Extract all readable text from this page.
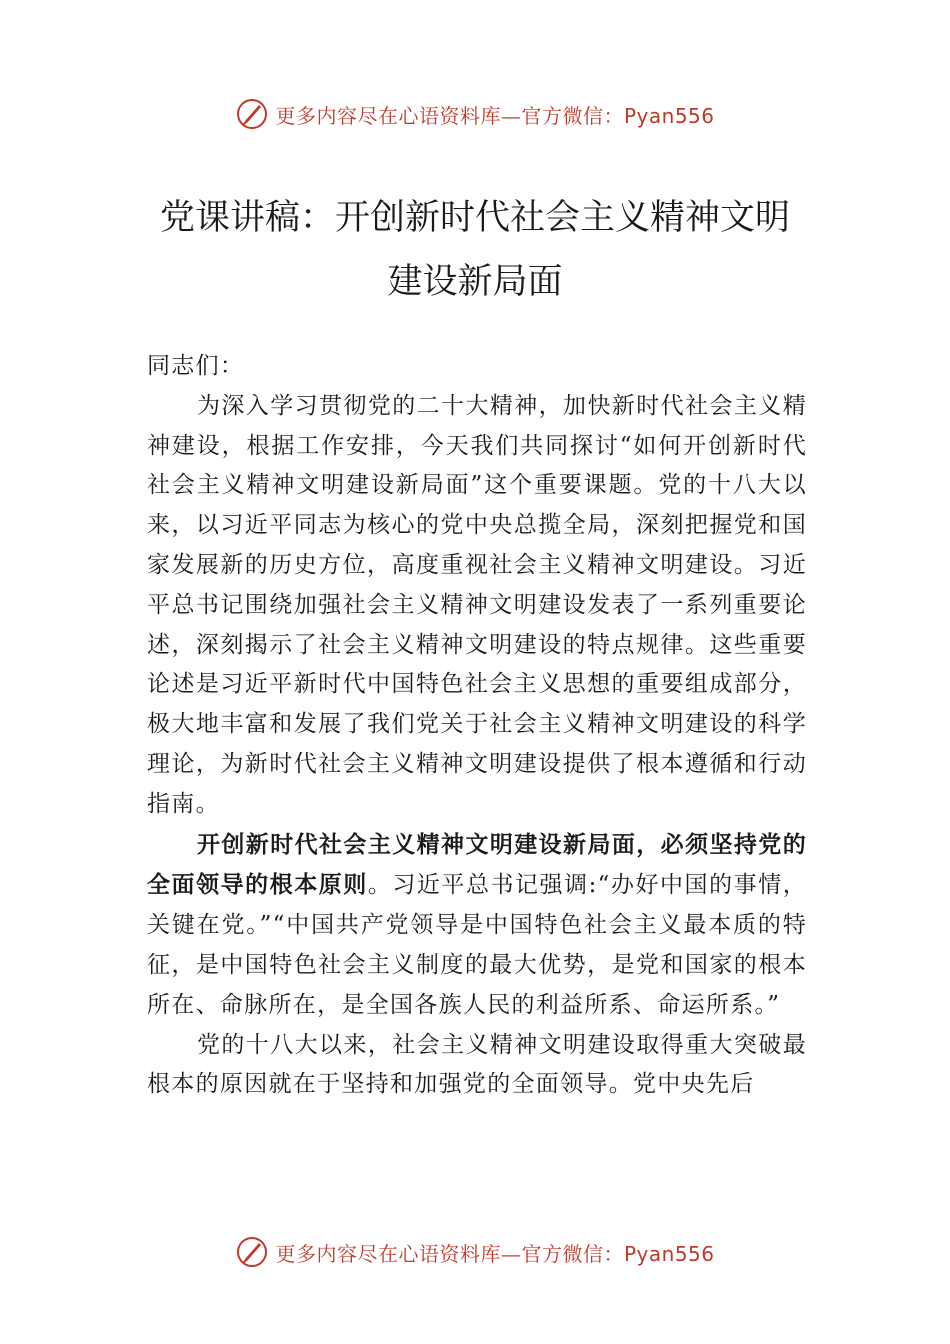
更多内容尽在心语资料库—官方微信：Pyan556
党课讲稿：开创新时代社会主义精神文明
建设新局面

同志们：

为深入学习贯彻党的二十大精神，加快新时代社会主义精神建设，根据工作安排，今天我们共同探讨“如何开创新时代社会主义精神文明建设新局面”这个重要课题。党的十八大以来，以习近平同志为核心的党中央总揽全局，深刻把握党和国家发展新的历史方位，高度重视社会主义精神文明建设。习近平总书记围绕加强社会主义精神文明建设发表了一系列重要论述，深刻揭示了社会主义精神文明建设的特点规律。这些重要论述是习近平新时代中国特色社会主义思想的重要组成部分，极大地丰富和发展了我们党关于社会主义精神文明建设的科学理论，为新时代社会主义精神文明建设提供了根本遵循和行动指南。

开创新时代社会主义精神文明建设新局面，必须坚持党的全面领导的根本原则。习近平总书记强调:“办好中国的事情，关键在党。”“中国共产党领导是中国特色社会主义最本质的特征，是中国特色社会主义制度的最大优势，是党和国家的根本所在、命脉所在，是全国各族人民的利益所系、命运所系。”

党的十八大以来，社会主义精神文明建设取得重大突破最根本的原因就在于坚持和加强党的全面领导。党中央先后

更多内容尽在心语资料库—官方微信：Pyan556
